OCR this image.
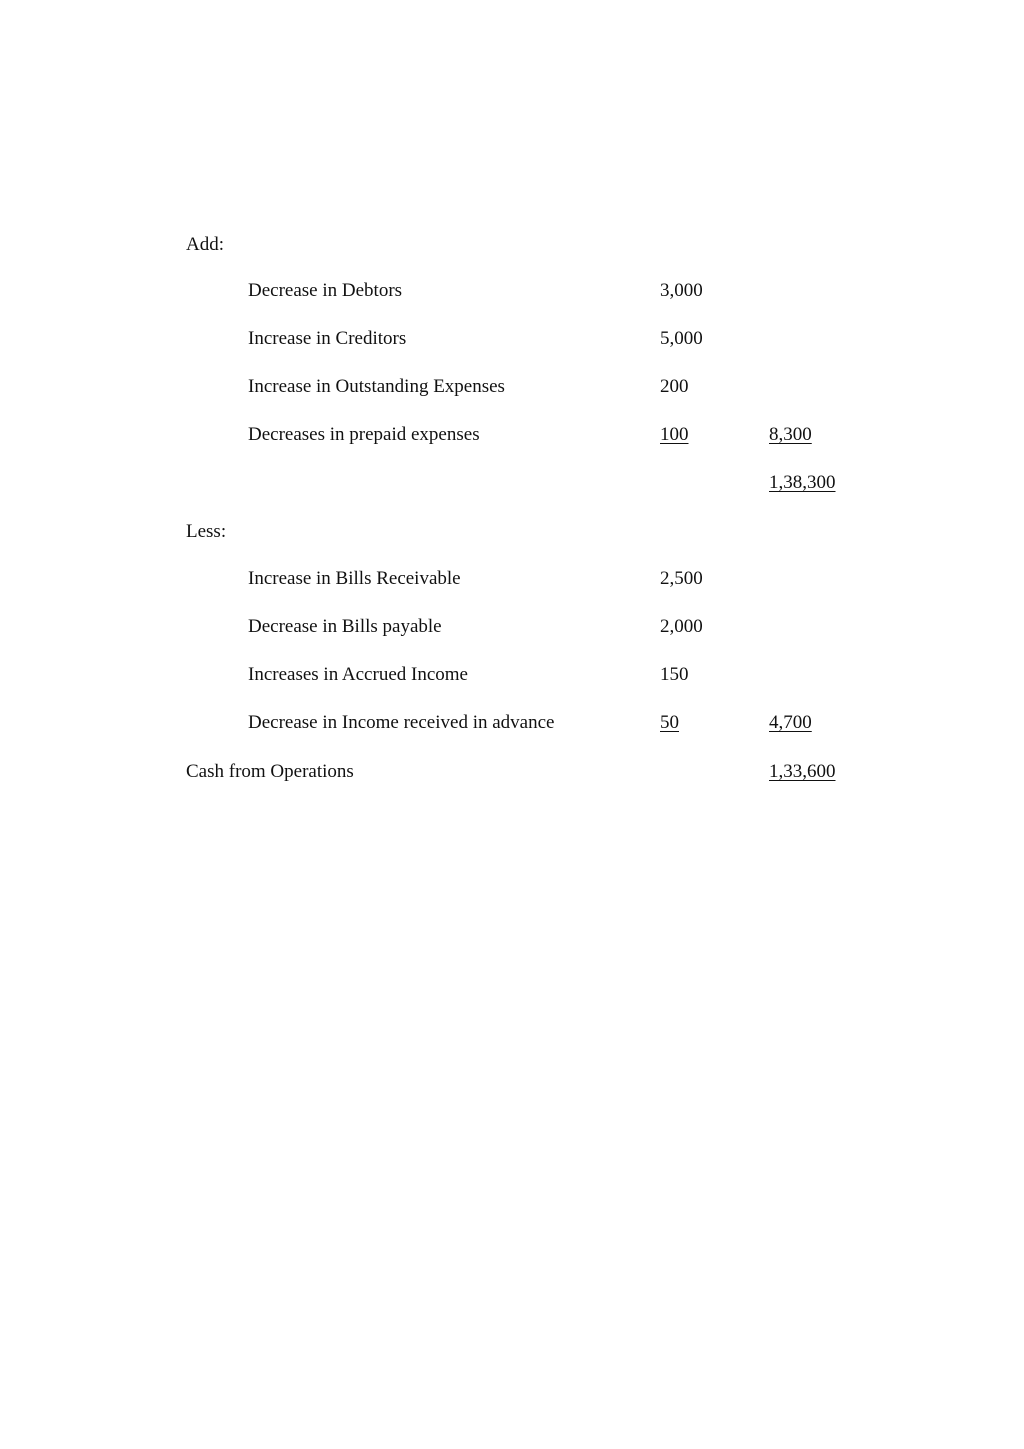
Add:
Decrease in Debtors	3,000
Increase in Creditors	5,000
Increase in Outstanding Expenses	200
Decreases in prepaid expenses	100	8,300
1,38,300
Less:
Increase in Bills Receivable	2,500
Decrease in Bills payable	2,000
Increases in Accrued Income	150
Decrease in Income received in advance	50	4,700
Cash from Operations	1,33,600
